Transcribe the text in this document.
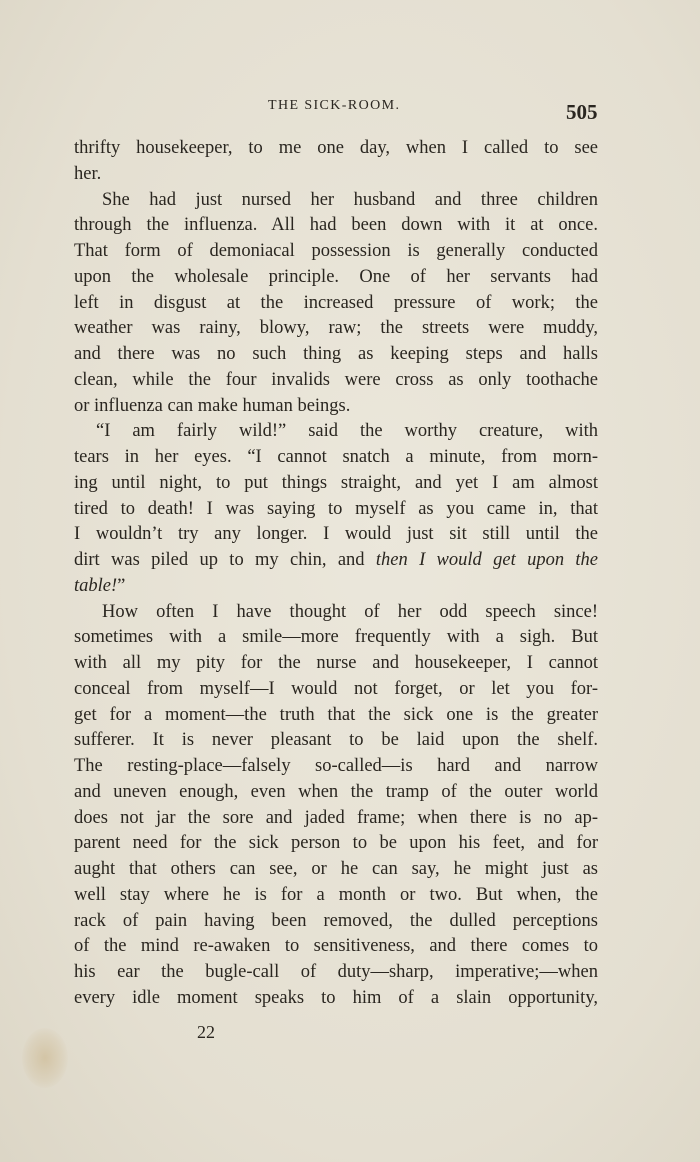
THE SICK-ROOM.	505
thrifty housekeeper, to me one day, when I called to see
her.
She had just nursed her husband and three children
through the influenza. All had been down with it at once.
That form of demoniacal possession is generally conducted
upon the wholesale principle. One of her servants had
left in disgust at the increased pressure of work; the
weather was rainy, blowy, raw; the streets were muddy,
and there was no such thing as keeping steps and halls
clean, while the four invalids were cross as only toothache
or influenza can make human beings.
“I am fairly wild!” said the worthy creature, with
tears in her eyes. “I cannot snatch a minute, from morn-
ing until night, to put things straight, and yet I am almost
tired to death! I was saying to myself as you came in, that
I wouldn’t try any longer. I would just sit still until the
dirt was piled up to my chin, and then I would get upon the
table!”
How often I have thought of her odd speech since!
sometimes with a smile—more frequently with a sigh. But
with all my pity for the nurse and housekeeper, I cannot
conceal from myself—I would not forget, or let you for-
get for a moment—the truth that the sick one is the greater
sufferer. It is never pleasant to be laid upon the shelf.
The resting-place—falsely so-called—is hard and narrow
and uneven enough, even when the tramp of the outer world
does not jar the sore and jaded frame; when there is no ap-
parent need for the sick person to be upon his feet, and for
aught that others can see, or he can say, he might just as
well stay where he is for a month or two. But when, the
rack of pain having been removed, the dulled perceptions
of the mind re-awaken to sensitiveness, and there comes to
his ear the bugle-call of duty—sharp, imperative;—when
every idle moment speaks to him of a slain opportunity,
22
